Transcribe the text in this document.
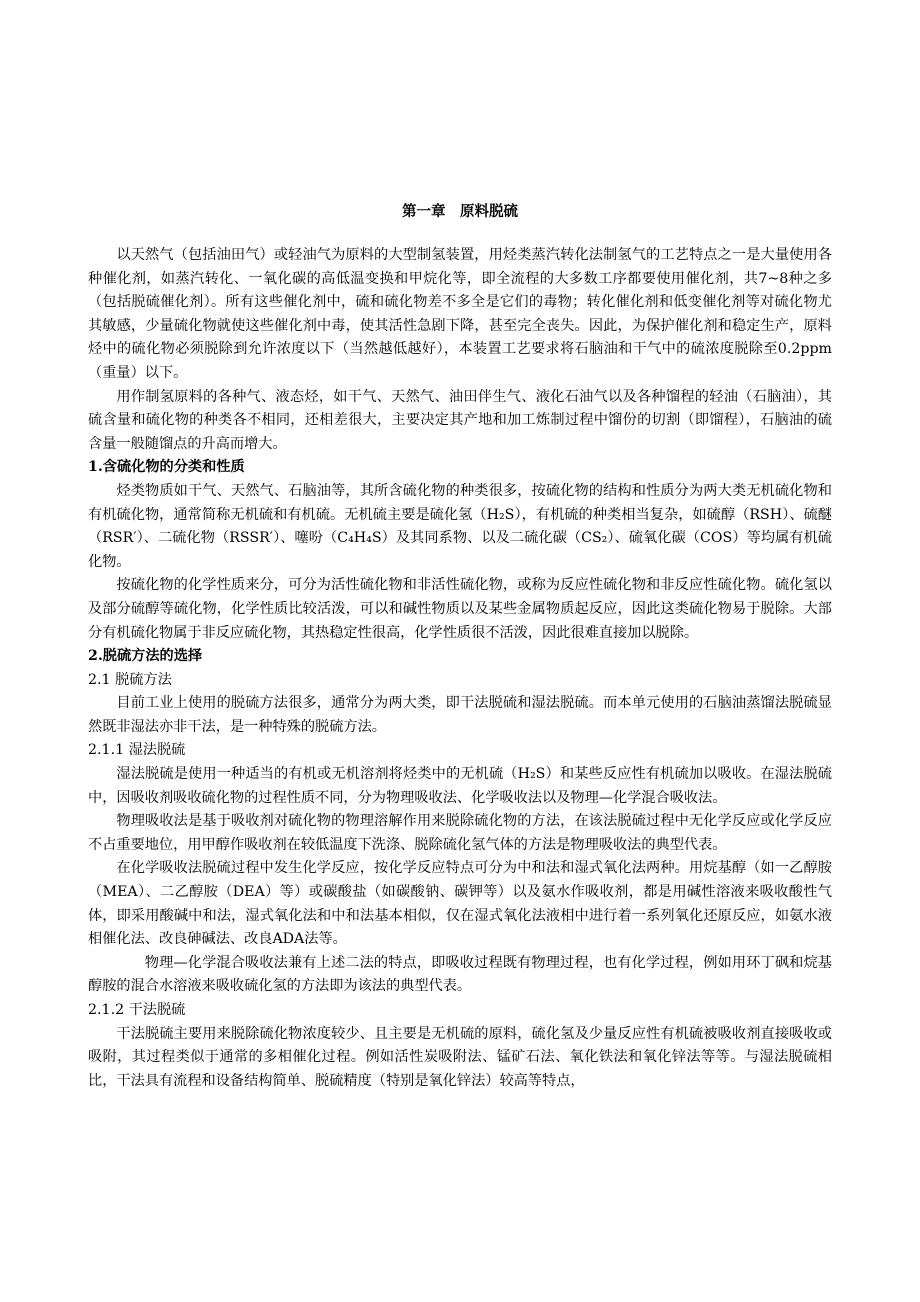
第一章　原料脱硫

以天然气（包括油田气）或轻油气为原料的大型制氢装置，用烃类蒸汽转化法制氢气的工艺特点之一是大量使用各种催化剂，如蒸汽转化、一氧化碳的高低温变换和甲烷化等，即全流程的大多数工序都要使用催化剂，共7~8种之多（包括脱硫催化剂）。所有这些催化剂中，硫和硫化物差不多全是它们的毒物；转化催化剂和低变催化剂等对硫化物尤其敏感，少量硫化物就使这些催化剂中毒，使其活性急剧下降，甚至完全丧失。因此，为保护催化剂和稳定生产，原料烃中的硫化物必须脱除到允许浓度以下（当然越低越好），本装置工艺要求将石脑油和干气中的硫浓度脱除至0.2ppm（重量）以下。

用作制氢原料的各种气、液态烃，如干气、天然气、油田伴生气、液化石油气以及各种馏程的轻油（石脑油），其硫含量和硫化物的种类各不相同，还相差很大，主要决定其产地和加工炼制过程中馏份的切割（即馏程），石脑油的硫含量一般随馏点的升高而增大。

1.含硫化物的分类和性质

烃类物质如干气、天然气、石脑油等，其所含硫化物的种类很多，按硫化物的结构和性质分为两大类无机硫化物和有机硫化物，通常简称无机硫和有机硫。无机硫主要是硫化氢（H₂S），有机硫的种类相当复杂，如硫醇（RSH）、硫醚（RSR′）、二硫化物（RSSR′）、噻吩（C₄H₄S）及其同系物、以及二硫化碳（CS₂）、硫氧化碳（COS）等均属有机硫化物。

按硫化物的化学性质来分，可分为活性硫化物和非活性硫化物，或称为反应性硫化物和非反应性硫化物。硫化氢以及部分硫醇等硫化物，化学性质比较活泼，可以和碱性物质以及某些金属物质起反应，因此这类硫化物易于脱除。大部分有机硫化物属于非反应硫化物，其热稳定性很高，化学性质很不活泼，因此很难直接加以脱除。

2.脱硫方法的选择

2.1 脱硫方法

目前工业上使用的脱硫方法很多，通常分为两大类，即干法脱硫和湿法脱硫。而本单元使用的石脑油蒸馏法脱硫显然既非湿法亦非干法，是一种特殊的脱硫方法。

2.1.1 湿法脱硫

湿法脱硫是使用一种适当的有机或无机溶剂将烃类中的无机硫（H₂S）和某些反应性有机硫加以吸收。在湿法脱硫中，因吸收剂吸收硫化物的过程性质不同，分为物理吸收法、化学吸收法以及物理—化学混合吸收法。

物理吸收法是基于吸收剂对硫化物的物理溶解作用来脱除硫化物的方法，在该法脱硫过程中无化学反应或化学反应不占重要地位，用甲醇作吸收剂在较低温度下洗涤、脱除硫化氢气体的方法是物理吸收法的典型代表。

在化学吸收法脱硫过程中发生化学反应，按化学反应特点可分为中和法和湿式氧化法两种。用烷基醇（如一乙醇胺（MEA）、二乙醇胺（DEA）等）或碳酸盐（如碳酸钠、碳钾等）以及氨水作吸收剂，都是用碱性溶液来吸收酸性气体，即采用酸碱中和法，湿式氧化法和中和法基本相似，仅在湿式氧化法液相中进行着一系列氧化还原反应，如氨水液相催化法、改良砷碱法、改良ADA法等。

物理—化学混合吸收法兼有上述二法的特点，即吸收过程既有物理过程，也有化学过程，例如用环丁砜和烷基醇胺的混合水溶液来吸收硫化氢的方法即为该法的典型代表。

2.1.2 干法脱硫

干法脱硫主要用来脱除硫化物浓度较少、且主要是无机硫的原料，硫化氢及少量反应性有机硫被吸收剂直接吸收或吸附，其过程类似于通常的多相催化过程。例如活性炭吸附法、锰矿石法、氧化铁法和氧化锌法等等。与湿法脱硫相比，干法具有流程和设备结构简单、脱硫精度（特别是氧化锌法）较高等特点，
